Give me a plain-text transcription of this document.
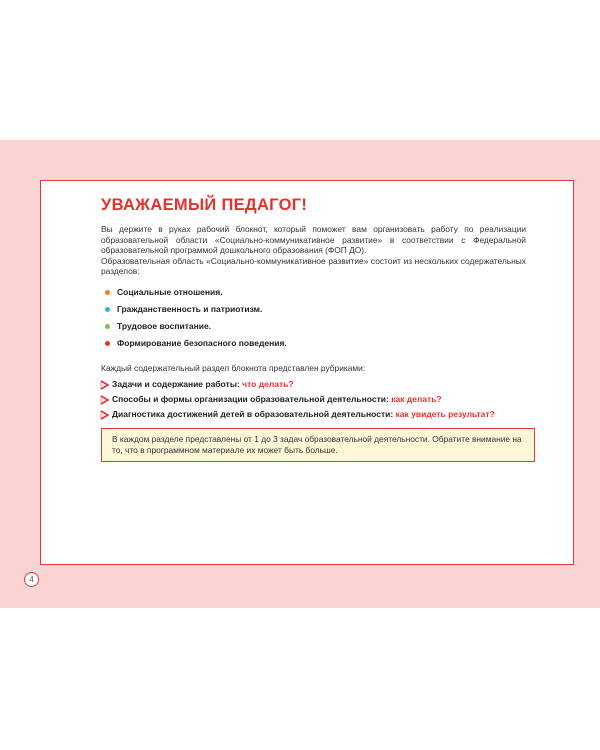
4
УВАЖАЕМЫЙ ПЕДАГОГ!

Вы держите в руках рабочий блокнот, который поможет вам организовать работу по реализации образовательной области «Социально-коммуникативное развитие» в соответствии с Федеральной образовательной программой дошкольного образования (ФОП ДО).

Образовательная область «Социально-коммуникативное развитие» состоит из нескольких содержательных разделов:

Социальные отношения.
Гражданственность и патриотизм.
Трудовое воспитание.
Формирование безопасного поведения.
Каждый содержательный раздел блокнота представлен рубриками:
Задачи и содержание работы: что делать?
Способы и формы организации образовательной деятельности: как делать?
Диагностика достижений детей в образовательной деятельности: как увидеть результат?
В каждом разделе представлены от 1 до 3 задач образовательной деятельности. Обратите внимание на то, что в программном материале их может быть больше.
